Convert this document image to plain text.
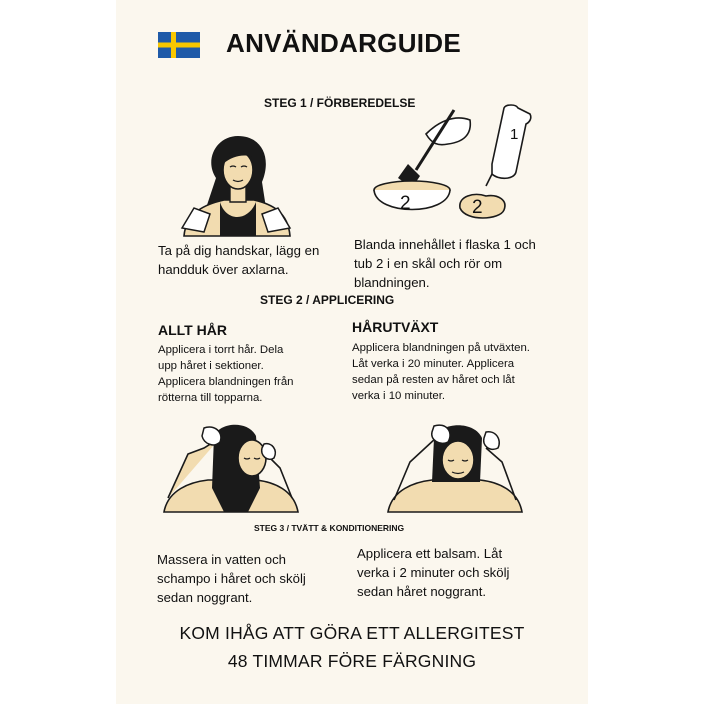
ANVÄNDARGUIDE
STEG 1 / FÖRBEREDELSE
2	2
1
Ta på dig handskar, lägg en
handduk över axlarna.
Blanda innehållet i flaska 1 och
tub 2 i en skål och rör om
blandningen.
STEG 2 / APPLICERING
ALLT HÅR
Applicera i torrt hår. Dela
upp håret i sektioner.
Applicera blandningen från
rötterna till topparna.
HÅRUTVÄXT
Applicera blandningen på utväxten.
Låt verka i 20 minuter. Applicera
sedan på resten av håret och låt
verka i 10 minuter.
STEG 3 / TVÄTT & KONDITIONERING
Massera in vatten och
schampo i håret och skölj
sedan noggrant.
Applicera ett balsam. Låt
verka i 2 minuter och skölj
sedan håret noggrant.
KOM IHÅG ATT GÖRA ETT ALLERGITEST
48 TIMMAR FÖRE FÄRGNING
